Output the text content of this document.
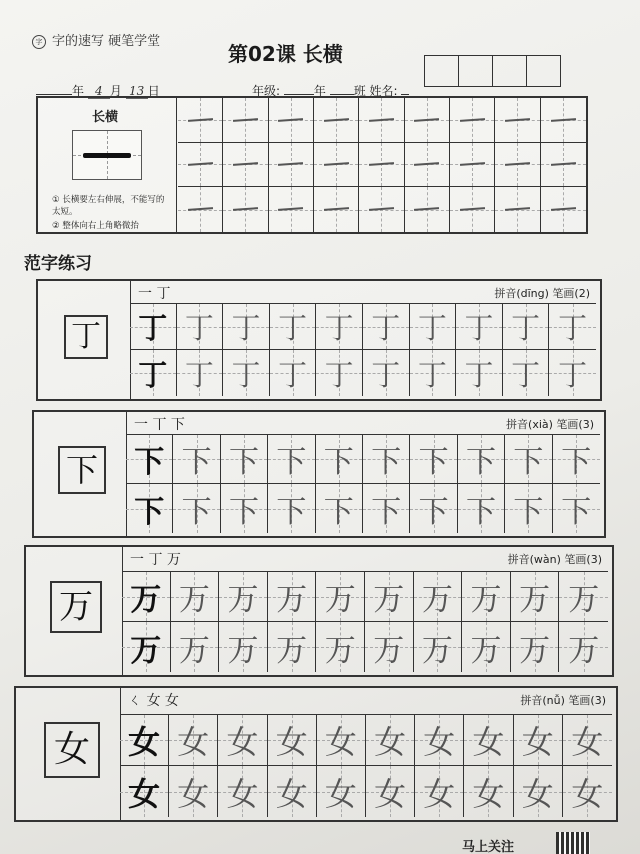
字 字的速写 硬笔学堂
第02课 长横
年 4 月 13 日	年级:	年 班 姓名:
长横
① 长横要左右伸展，不能写的太短。
② 整体向右上角略微抬
范字练习
丁
一 丁	拼音(dīng) 笔画(2)
丁 丁 丁 丁 丁 丁 丁 丁 丁 丁
丁 丁 丁 丁 丁 丁 丁 丁 丁 丁
下
一 丅 下	拼音(xià) 笔画(3)
下 下 下 下 下 下 下 下 下 下
下 下 下 下 下 下 下 下 下 下
万
一 丁 万	拼音(wàn) 笔画(3)
万 万 万 万 万 万 万 万 万 万
万 万 万 万 万 万 万 万 万 万
女
ㄑ 女 女	拼音(nǚ) 笔画(3)
女 女 女 女 女 女 女 女 女 女
女 女 女 女 女 女 女 女 女 女
马上关注
